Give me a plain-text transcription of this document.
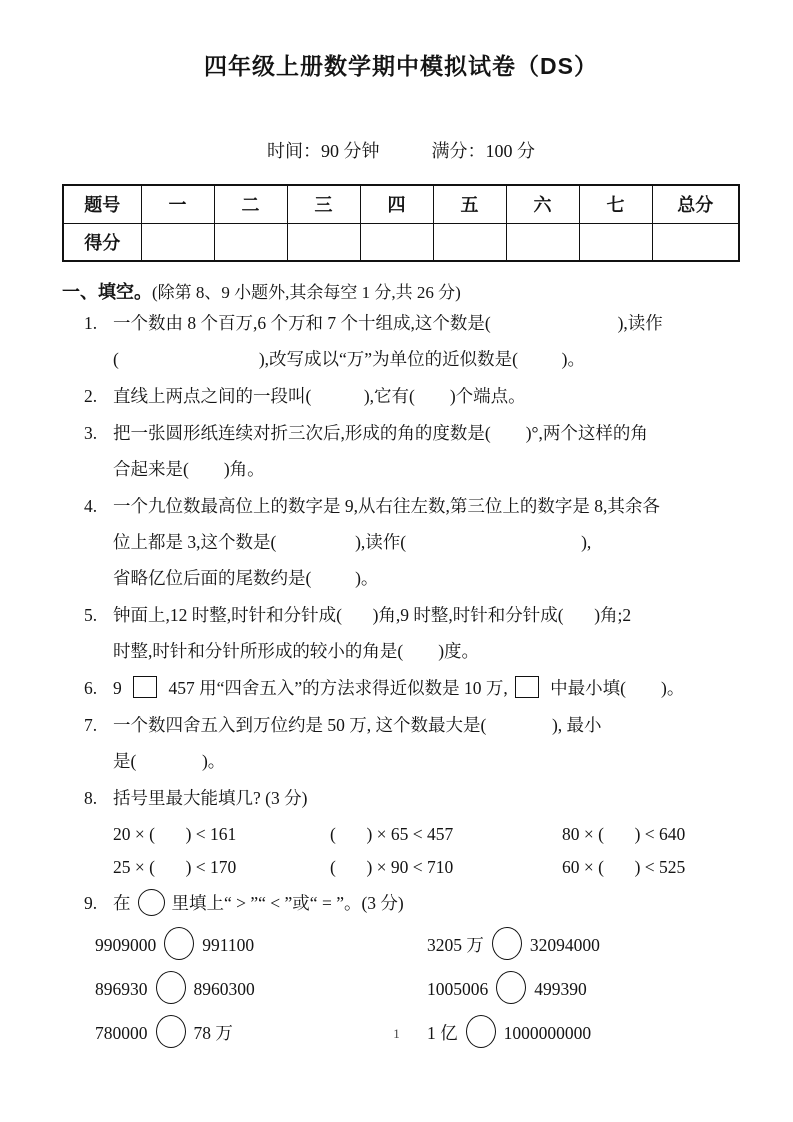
四年级上册数学期中模拟试卷（DS）
时间：90 分钟	满分：100 分
题号	一	二	三	四	五	六	七	总分
得分								
一、填空。(除第 8、9 小题外,其余每空 1 分,共 26 分)
1. 一个数由 8 个百万,6 个万和 7 个十组成,这个数是(                             ),读作
(                                ),改写成以“万”为单位的近似数是(          )。
2. 直线上两点之间的一段叫(            ),它有(        )个端点。
3. 把一张圆形纸连续对折三次后,形成的角的度数是(        )°,两个这样的角
合起来是(        )角。
4. 一个九位数最高位上的数字是 9,从右往左数,第三位上的数字是 8,其余各
位上都是 3,这个数是(                  ),读作(                                        ),
省略亿位后面的尾数约是(          )。
5. 钟面上,12 时整,时针和分针成(       )角,9 时整,时针和分针成(       )角;2
时整,时针和分针所形成的较小的角是(        )度。
6. 9  457 用“四舍五入”的方法求得近似数是 10 万, 中最小填(        )。
7. 一个数四舍五入到万位约是 50 万, 这个数最大是(               ), 最小
是(               )。
8. 括号里最大能填几? (3 分)
20 × (       ) < 161	(       ) × 65 < 457	80 × (       ) < 640
25 × (       ) < 170	(       ) × 90 < 710	60 × (       ) < 525
9. 在 里填上“ > ”“ < ”或“ = ”。(3 分)
9909000	991100	3205 万	32094000
896930	8960300	1005006	499390
780000	78 万	1 亿	1000000000
1
